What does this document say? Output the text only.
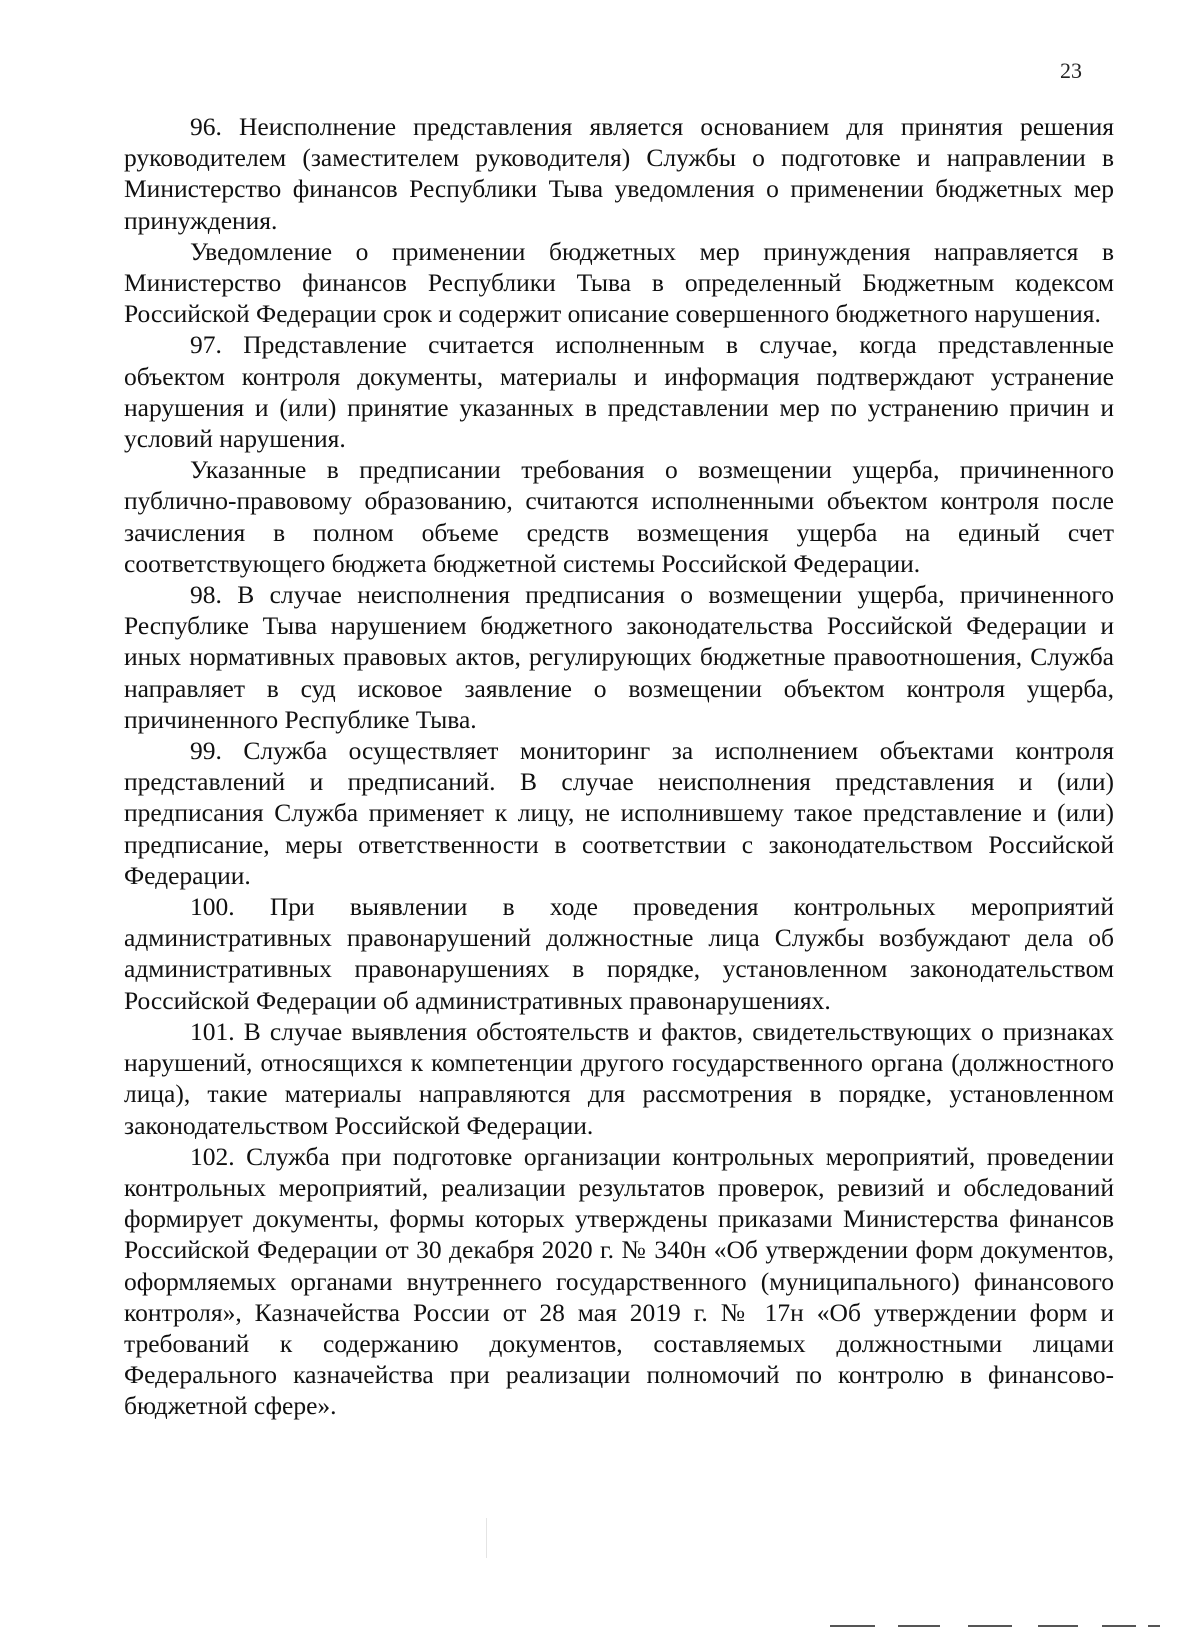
23

96. Неисполнение представления является основанием для принятия решения руководителем (заместителем руководителя) Службы о подготовке и направлении в Министерство финансов Республики Тыва уведомления о применении бюджетных мер принуждения.

Уведомление о применении бюджетных мер принуждения направляется в Министерство финансов Республики Тыва в определенный Бюджетным кодексом Российской Федерации срок и содержит описание совершенного бюджетного нарушения.

97. Представление считается исполненным в случае, когда представленные объектом контроля документы, материалы и информация подтверждают устранение нарушения и (или) принятие указанных в представлении мер по устранению причин и условий нарушения.

Указанные в предписании требования о возмещении ущерба, причиненного публично-правовому образованию, считаются исполненными объектом контроля после зачисления в полном объеме средств возмещения ущерба на единый счет соответствующего бюджета бюджетной системы Российской Федерации.

98. В случае неисполнения предписания о возмещении ущерба, причиненного Республике Тыва нарушением бюджетного законодательства Российской Федерации и иных нормативных правовых актов, регулирующих бюджетные правоотношения, Служба направляет в суд исковое заявление о возмещении объектом контроля ущерба, причиненного Республике Тыва.

99. Служба осуществляет мониторинг за исполнением объектами контроля представлений и предписаний. В случае неисполнения представления и (или) предписания Служба применяет к лицу, не исполнившему такое представление и (или) предписание, меры ответственности в соответствии с законодательством Российской Федерации.

100. При выявлении в ходе проведения контрольных мероприятий административных правонарушений должностные лица Службы возбуждают дела об административных правонарушениях в порядке, установленном законодательством Российской Федерации об административных правонарушениях.

101. В случае выявления обстоятельств и фактов, свидетельствующих о признаках нарушений, относящихся к компетенции другого государственного органа (должностного лица), такие материалы направляются для рассмотрения в порядке, установленном законодательством Российской Федерации.

102. Служба при подготовке организации контрольных мероприятий, проведении контрольных мероприятий, реализации результатов проверок, ревизий и обследований формирует документы, формы которых утверждены приказами Министерства финансов Российской Федерации от 30 декабря 2020 г. № 340н «Об утверждении форм документов, оформляемых органами внутреннего государственного (муниципального) финансового контроля», Казначейства России от 28 мая 2019 г. № 17н «Об утверждении форм и требований к содержанию документов, составляемых должностными лицами Федерального казначейства при реализации полномочий по контролю в финансово-бюджетной сфере».
